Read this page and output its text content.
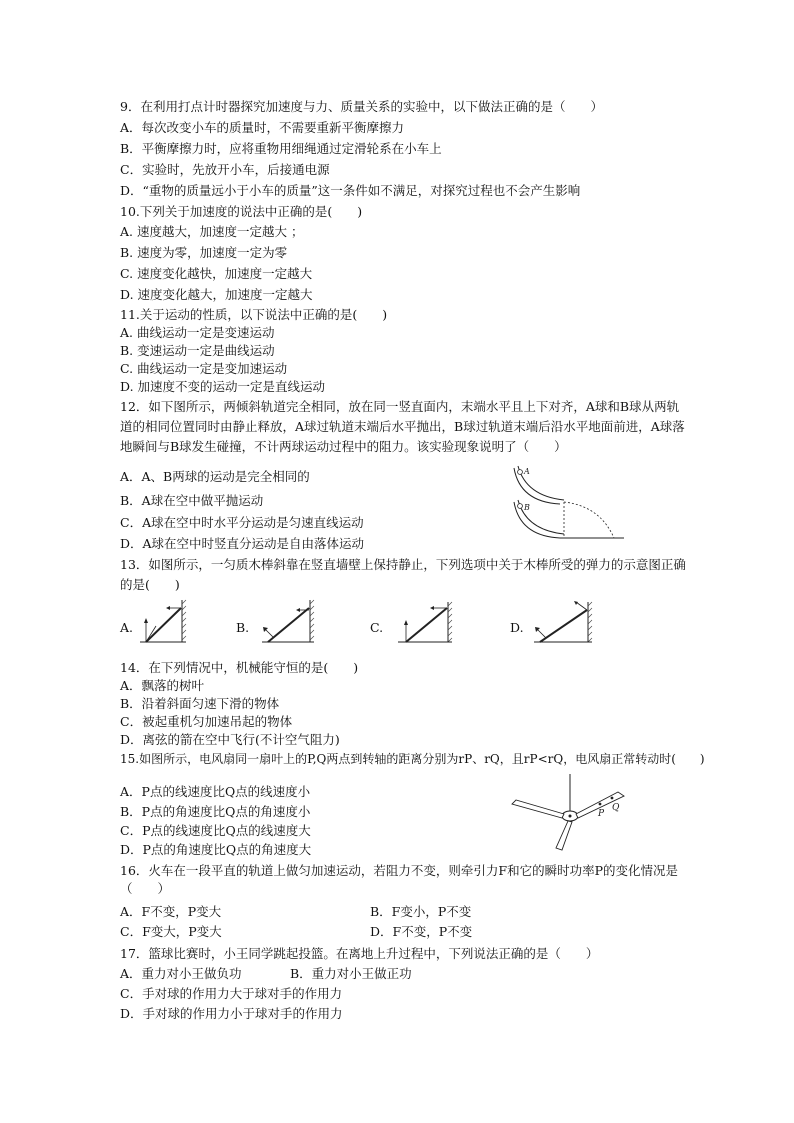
9．在利用打点计时器探究加速度与力、质量关系的实验中，以下做法正确的是（　　）
A．每次改变小车的质量时，不需要重新平衡摩擦力
B．平衡摩擦力时，应将重物用细绳通过定滑轮系在小车上
C．实验时，先放开小车，后接通电源
D．“重物的质量远小于小车的质量”这一条件如不满足，对探究过程也不会产生影响
10.下列关于加速度的说法中正确的是(　　)
A. 速度越大，加速度一定越大 ；
B. 速度为零，加速度一定为零
C. 速度变化越快，加速度一定越大
D. 速度变化越大，加速度一定越大
11.关于运动的性质，以下说法中正确的是(　　)
A. 曲线运动一定是变速运动
B. 变速运动一定是曲线运动
C. 曲线运动一定是变加速运动
D. 加速度不变的运动一定是直线运动
12．如下图所示，两倾斜轨道完全相同，放在同一竖直面内，末端水平且上下对齐，A球和B球从两轨
道的相同位置同时由静止释放，A球过轨道末端后水平抛出，B球过轨道末端后沿水平地面前进，A球落
地瞬间与B球发生碰撞，不计两球运动过程中的阻力。该实验现象说明了（　　）
A．A、B两球的运动是完全相同的
B．A球在空中做平抛运动
C．A球在空中时水平分运动是匀速直线运动
D．A球在空中时竖直分运动是自由落体运动
A
B
13．如图所示，一匀质木棒斜靠在竖直墙壁上保持静止，下列选项中关于木棒所受的弹力的示意图正确
的是(　　)
A.	B.	C.	D.
14．在下列情况中，机械能守恒的是(　　)
A．飘落的树叶
B．沿着斜面匀速下滑的物体
C．被起重机匀加速吊起的物体
D．离弦的箭在空中飞行(不计空气阻力)
15.如图所示，电风扇同一扇叶上的P,Q两点到转轴的距离分别为rP、rQ，且rP<rQ，电风扇正常转动时(　　)
A．P点的线速度比Q点的线速度小
B．P点的角速度比Q点的角速度小
C．P点的线速度比Q点的线速度大
D．P点的角速度比Q点的角速度大
P
Q
16．火车在一段平直的轨道上做匀加速运动，若阻力不变，则牵引力F和它的瞬时功率P的变化情况是
（　　）
A．F不变，P变大	B．F变小，P不变
C．F变大，P变大	D．F不变，P不变
17．篮球比赛时，小王同学跳起投篮。在离地上升过程中，下列说法正确的是（　　）
A．重力对小王做负功	B．重力对小王做正功
C．手对球的作用力大于球对手的作用力
D．手对球的作用力小于球对手的作用力
